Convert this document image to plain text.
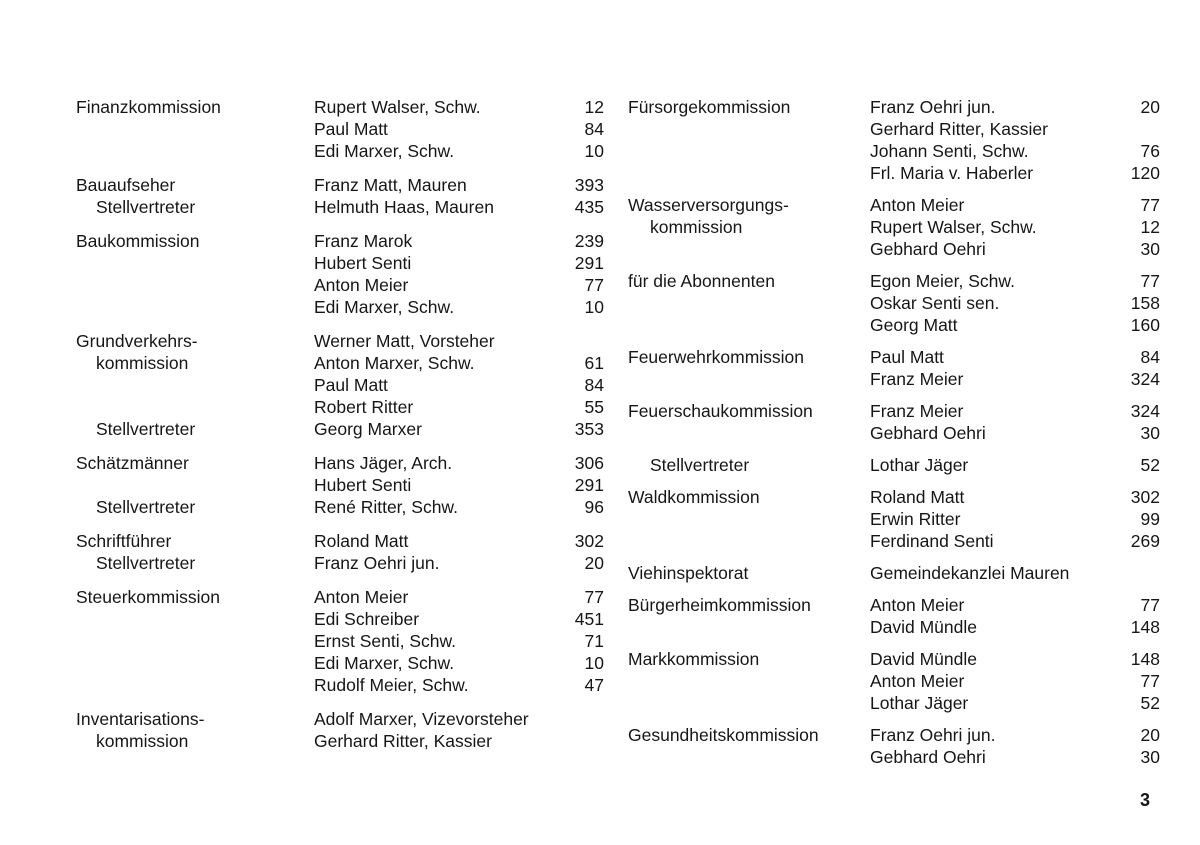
Finanzkommission	Rupert Walser, Schw.	12
Paul Matt	84
Edi Marxer, Schw.	10
Bauaufseher	Franz Matt, Mauren	393
Stellvertreter	Helmuth Haas, Mauren	435
Baukommission	Franz Marok	239
Hubert Senti	291
Anton Meier	77
Edi Marxer, Schw.	10
Grundverkehrs-	Werner Matt, Vorsteher
kommission	Anton Marxer, Schw.	61
Paul Matt	84
Robert Ritter	55
Stellvertreter	Georg Marxer	353
Schätzmänner	Hans Jäger, Arch.	306
Hubert Senti	291
Stellvertreter	René Ritter, Schw.	96
Schriftführer	Roland Matt	302
Stellvertreter	Franz Oehri jun.	20
Steuerkommission	Anton Meier	77
Edi Schreiber	451
Ernst Senti, Schw.	71
Edi Marxer, Schw.	10
Rudolf Meier, Schw.	47
Inventarisations-	Adolf Marxer, Vizevorsteher
kommission	Gerhard Ritter, Kassier
Fürsorgekommission	Franz Oehri jun.	20
Gerhard Ritter, Kassier
Johann Senti, Schw.	76
Frl. Maria v. Haberler	120
Wasserversorgungs-	Anton Meier	77
kommission	Rupert Walser, Schw.	12
Gebhard Oehri	30
für die Abonnenten	Egon Meier, Schw.	77
Oskar Senti sen.	158
Georg Matt	160
Feuerwehrkommission	Paul Matt	84
Franz Meier	324
Feuerschaukommission	Franz Meier	324
Gebhard Oehri	30
Stellvertreter	Lothar Jäger	52
Waldkommission	Roland Matt	302
Erwin Ritter	99
Ferdinand Senti	269
Viehinspektorat	Gemeindekanzlei Mauren
Bürgerheimkommission	Anton Meier	77
David Mündle	148
Markkommission	David Mündle	148
Anton Meier	77
Lothar Jäger	52
Gesundheitskommission	Franz Oehri jun.	20
Gebhard Oehri	30
3
